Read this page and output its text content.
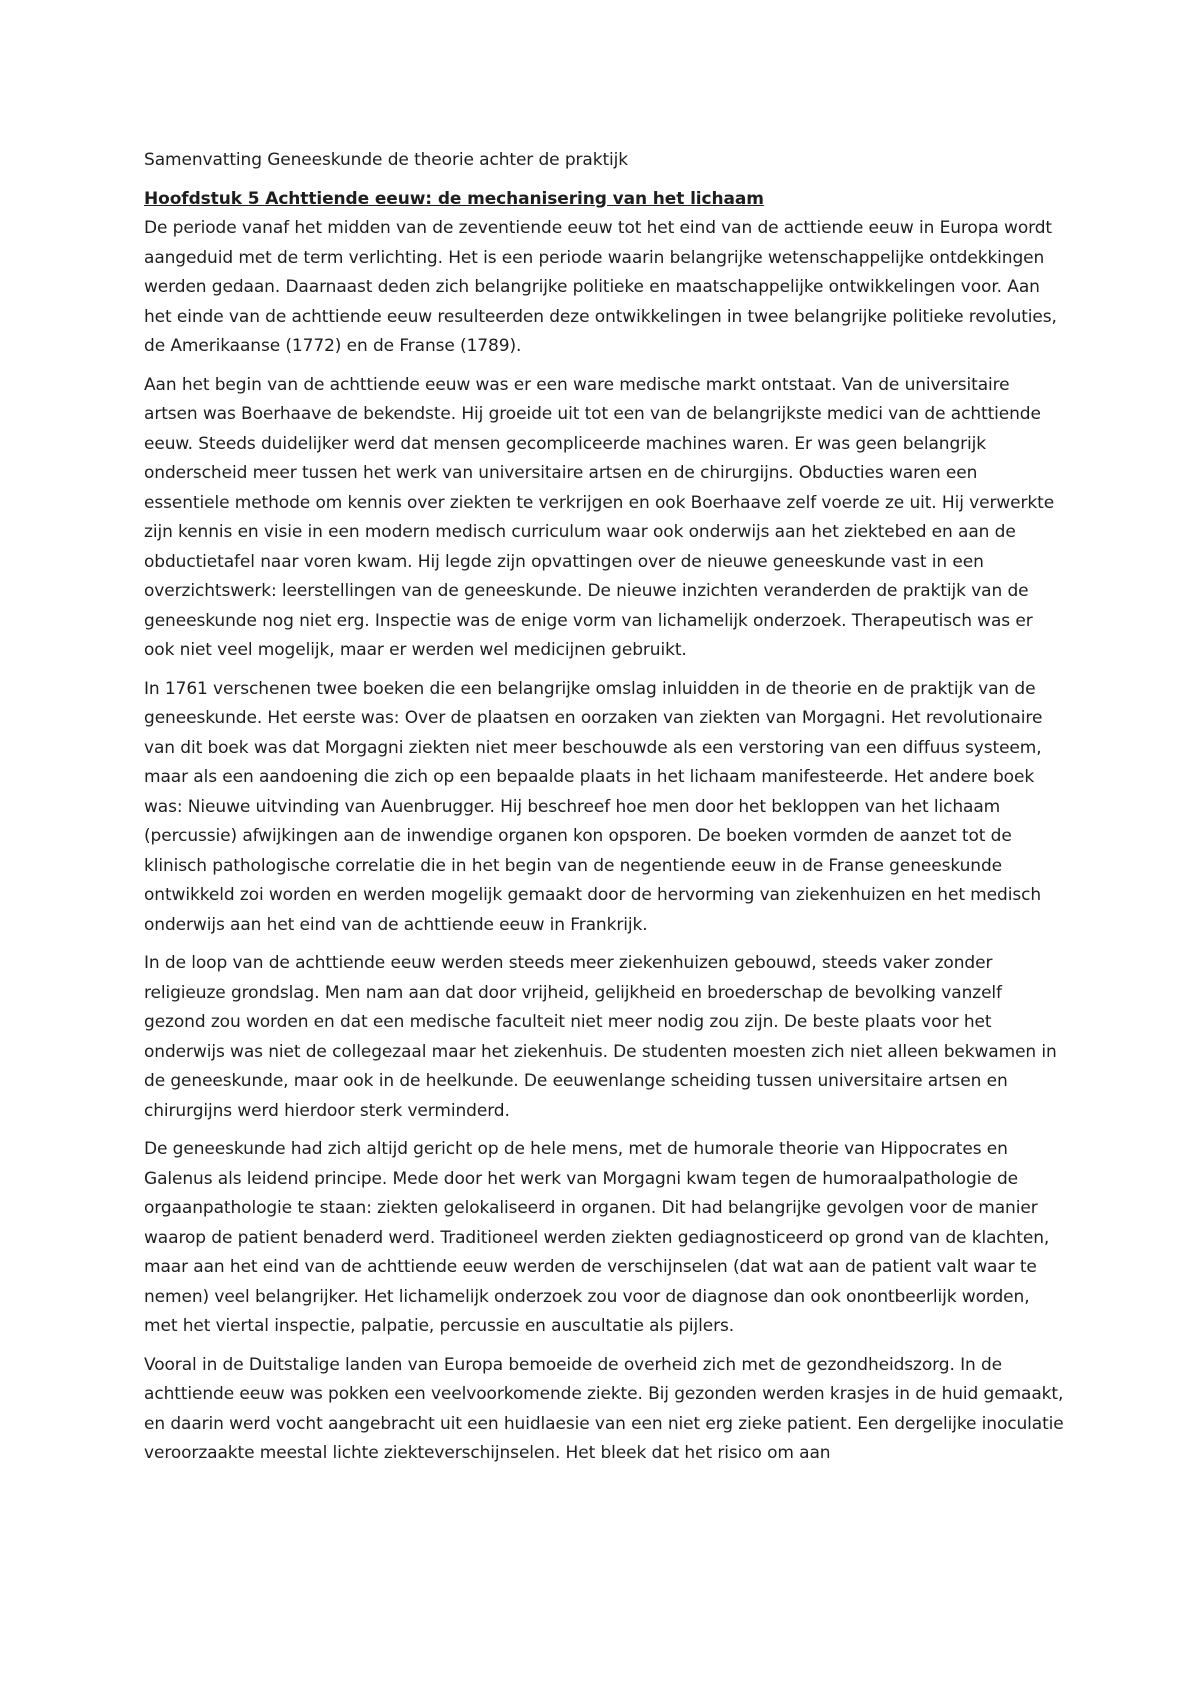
Samenvatting Geneeskunde de theorie achter de praktijk

Hoofdstuk 5 Achttiende eeuw: de mechanisering van het lichaam

De periode vanaf het midden van de zeventiende eeuw tot het eind van de acttiende eeuw in Europa wordt aangeduid met de term verlichting. Het is een periode waarin belangrijke wetenschappelijke ontdekkingen werden gedaan. Daarnaast deden zich belangrijke politieke en maatschappelijke ontwikkelingen voor. Aan het einde van de achttiende eeuw resulteerden deze ontwikkelingen in twee belangrijke politieke revoluties, de Amerikaanse (1772) en de Franse (1789).

Aan het begin van de achttiende eeuw was er een ware medische markt ontstaat. Van de universitaire artsen was Boerhaave de bekendste. Hij groeide uit tot een van de belangrijkste medici van de achttiende eeuw. Steeds duidelijker werd dat mensen gecompliceerde machines waren. Er was geen belangrijk onderscheid meer tussen het werk van universitaire artsen en de chirurgijns. Obducties waren een essentiele methode om kennis over ziekten te verkrijgen en ook Boerhaave zelf voerde ze uit. Hij verwerkte zijn kennis en visie in een modern medisch curriculum waar ook onderwijs aan het ziektebed en aan de obductietafel naar voren kwam. Hij legde zijn opvattingen over de nieuwe geneeskunde vast in een overzichtswerk: leerstellingen van de geneeskunde. De nieuwe inzichten veranderden de praktijk van de geneeskunde nog niet erg. Inspectie was de enige vorm van lichamelijk onderzoek. Therapeutisch was er ook niet veel mogelijk, maar er werden wel medicijnen gebruikt.

In 1761 verschenen twee boeken die een belangrijke omslag inluidden in de theorie en de praktijk van de geneeskunde. Het eerste was: Over de plaatsen en oorzaken van ziekten van Morgagni. Het revolutionaire van dit boek was dat Morgagni ziekten niet meer beschouwde als een verstoring van een diffuus systeem, maar als een aandoening die zich op een bepaalde plaats in het lichaam manifesteerde. Het andere boek was: Nieuwe uitvinding van Auenbrugger. Hij beschreef hoe men door het bekloppen van het lichaam (percussie) afwijkingen aan de inwendige organen kon opsporen. De boeken vormden de aanzet tot de klinisch pathologische correlatie die in het begin van de negentiende eeuw in de Franse geneeskunde ontwikkeld zoi worden en werden mogelijk gemaakt door de hervorming van ziekenhuizen en het medisch onderwijs aan het eind van de achttiende eeuw in Frankrijk.

In de loop van de achttiende eeuw werden steeds meer ziekenhuizen gebouwd, steeds vaker zonder religieuze grondslag. Men nam aan dat door vrijheid, gelijkheid en broederschap de bevolking vanzelf gezond zou worden en dat een medische faculteit niet meer nodig zou zijn. De beste plaats voor het onderwijs was niet de collegezaal maar het ziekenhuis. De studenten moesten zich niet alleen bekwamen in de geneeskunde, maar ook in de heelkunde. De eeuwenlange scheiding tussen universitaire artsen en chirurgijns werd hierdoor sterk verminderd.

De geneeskunde had zich altijd gericht op de hele mens, met de humorale theorie van Hippocrates en Galenus als leidend principe. Mede door het werk van Morgagni kwam tegen de humoraalpathologie de orgaanpathologie te staan: ziekten gelokaliseerd in organen. Dit had belangrijke gevolgen voor de manier waarop de patient benaderd werd. Traditioneel werden ziekten gediagnosticeerd op grond van de klachten, maar aan het eind van de achttiende eeuw werden de verschijnselen (dat wat aan de patient valt waar te nemen) veel belangrijker. Het lichamelijk onderzoek zou voor de diagnose dan ook onontbeerlijk worden, met het viertal inspectie, palpatie, percussie en auscultatie als pijlers.

Vooral in de Duitstalige landen van Europa bemoeide de overheid zich met de gezondheidszorg. In de achttiende eeuw was pokken een veelvoorkomende ziekte. Bij gezonden werden krasjes in de huid gemaakt, en daarin werd vocht aangebracht uit een huidlaesie van een niet erg zieke patient. Een dergelijke inoculatie veroorzaakte meestal lichte ziekteverschijnselen. Het bleek dat het risico om aan
